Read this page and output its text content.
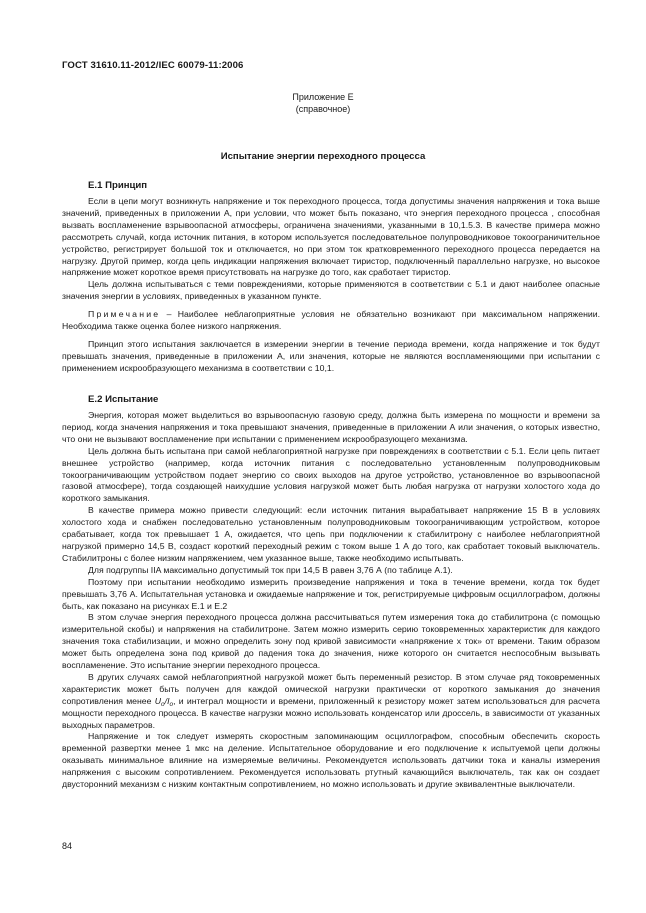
ГОСТ 31610.11-2012/IEC 60079-11:2006
Приложение Е
(справочное)
Испытание энергии переходного процесса
Е.1 Принцип

Если в цепи могут возникнуть напряжение и ток переходного процесса, тогда допустимы значения напряжения и тока выше значений, приведенных в приложении А, при условии, что может быть показано, что энергия переходного процесса , способная вызвать воспламенение взрывоопасной атмосферы, ограничена значениями, указанными в 10,1.5.3. В качестве примера можно рассмотреть случай, когда источник питания, в котором используется последовательное полупроводниковое токоограничительное устройство, регистрирует большой ток и отключается, но при этом ток кратковременного переходного процесса передается на нагрузку. Другой пример, когда цепь индикации напряжения включает тиристор, подключенный параллельно нагрузке, но высокое напряжение может короткое время присутствовать на нагрузке до того, как сработает тиристор.

Цель должна испытываться с теми повреждениями, которые применяются в соответствии с 5.1 и дают наиболее опасные значения энергии в условиях, приведенных в указанном пункте.

Примечание – Наиболее неблагоприятные условия не обязательно возникают при максимальном напряжении. Необходима также оценка более низкого напряжения.

Принцип этого испытания заключается в измерении энергии в течение периода времени, когда напряжение и ток будут превышать значения, приведенные в приложении А, или значения, которые не являются воспламеняющими при испытании с применением искрообразующего механизма в соответствии с 10,1.

Е.2 Испытание

Энергия, которая может выделиться во взрывоопасную газовую среду, должна быть измерена по мощности и времени за период, когда значения напряжения и тока превышают значения, приведенные в приложении А или значения, о которых известно, что они не вызывают воспламенение при испытании с применением искрообразующего механизма.

Цель должна быть испытана при самой неблагоприятной нагрузке при повреждениях в соответствии с 5.1. Если цепь питает внешнее устройство (например, когда источник питания с последовательно установленным полупроводниковым токоограничивающим устройством подает энергию со своих выходов на другое устройство, установленное во взрывоопасной газовой атмосфере), тогда создающей наихудшие условия нагрузкой может быть любая нагрузка от нагрузки холостого хода до короткого замыкания.

В качестве примера можно привести следующий: если источник питания вырабатывает напряжение 15 В в условиях холостого хода и снабжен последовательно установленным полупроводниковым токоограничивающим устройством, которое срабатывает, когда ток превышает 1 А, ожидается, что цепь при подключении к стабилитрону с наиболее неблагоприятной нагрузкой примерно 14,5 В, создаст короткий переходный режим с током выше 1 А до того, как сработает токовый выключатель. Стабилитроны с более низким напряжением, чем указанное выше, также необходимо испытывать.

Для подгруппы IIA максимально допустимый ток при 14,5 В равен 3,76 А (по таблице А.1).

Поэтому при испытании необходимо измерить произведение напряжения и тока в течение времени, когда ток будет превышать 3,76 А. Испытательная установка и ожидаемые напряжение и ток, регистрируемые цифровым осциллографом, должны быть, как показано на рисунках Е.1 и Е.2

В этом случае энергия переходного процесса должна рассчитываться путем измерения тока до стабилитрона (с помощью измерительной скобы) и напряжения на стабилитроне. Затем можно измерить серию токовременных характеристик для каждого значения тока стабилизации, и можно определить зону под кривой зависимости «напряжение х ток» от времени. Таким образом может быть определена зона под кривой до падения тока до значения, ниже которого он считается неспособным вызывать воспламенение. Это испытание энергии переходного процесса.

В других случаях самой неблагоприятной нагрузкой может быть переменный резистор. В этом случае ряд токовременных характеристик может быть получен для каждой омической нагрузки практически от короткого замыкания до значения сопротивления менее $U_o/I_o$, и интеграл мощности и времени, приложенный к резистору может затем использоваться для расчета мощности переходного процесса. В качестве нагрузки можно использовать конденсатор или дроссель, в зависимости от указанных выходных параметров.

Напряжение и ток следует измерять скоростным запоминающим осциллографом, способным обеспечить скорость временной развертки менее 1 мкс на деление. Испытательное оборудование и его подключение к испытуемой цепи должны оказывать минимальное влияние на измеряемые величины. Рекомендуется использовать датчики тока и каналы измерения напряжения с высоким сопротивлением. Рекомендуется использовать ртутный качающийся выключатель, так как он создает двусторонний механизм с низким контактным сопротивлением, но можно использовать и другие эквивалентные выключатели.

84
